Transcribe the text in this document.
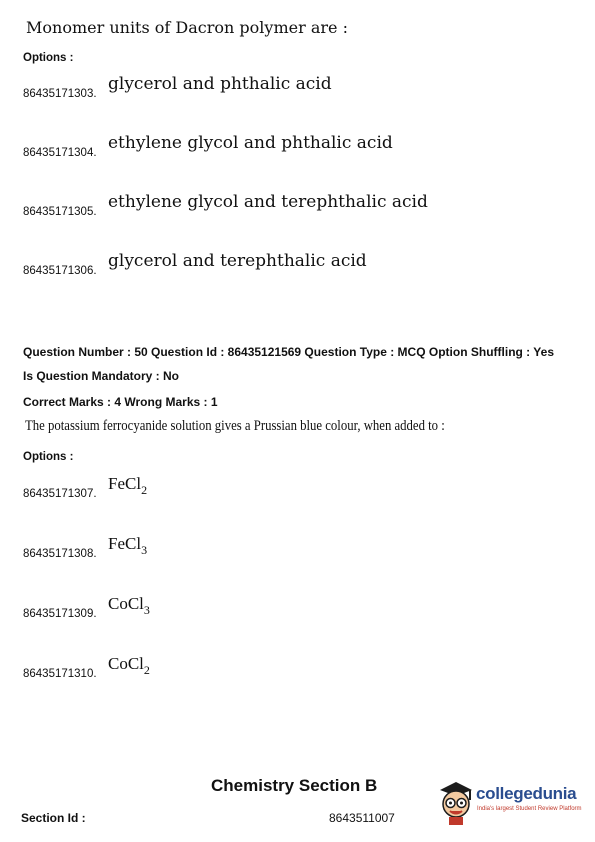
Monomer units of Dacron polymer are :
Options :
86435171303. glycerol and phthalic acid
86435171304. ethylene glycol and phthalic acid
86435171305. ethylene glycol and terephthalic acid
86435171306. glycerol and terephthalic acid
Question Number : 50 Question Id : 86435121569 Question Type : MCQ Option Shuffling : Yes
Is Question Mandatory : No
Correct Marks : 4 Wrong Marks : 1
The potassium ferrocyanide solution gives a Prussian blue colour, when added to :
Options :
86435171307.
FeCl$_2$
86435171308.
FeCl$_3$
86435171309.
CoCl$_3$
86435171310.
CoCl$_2$
Chemistry Section B
Section Id :	8643511007
collegedunia
India's largest Student Review Platform
